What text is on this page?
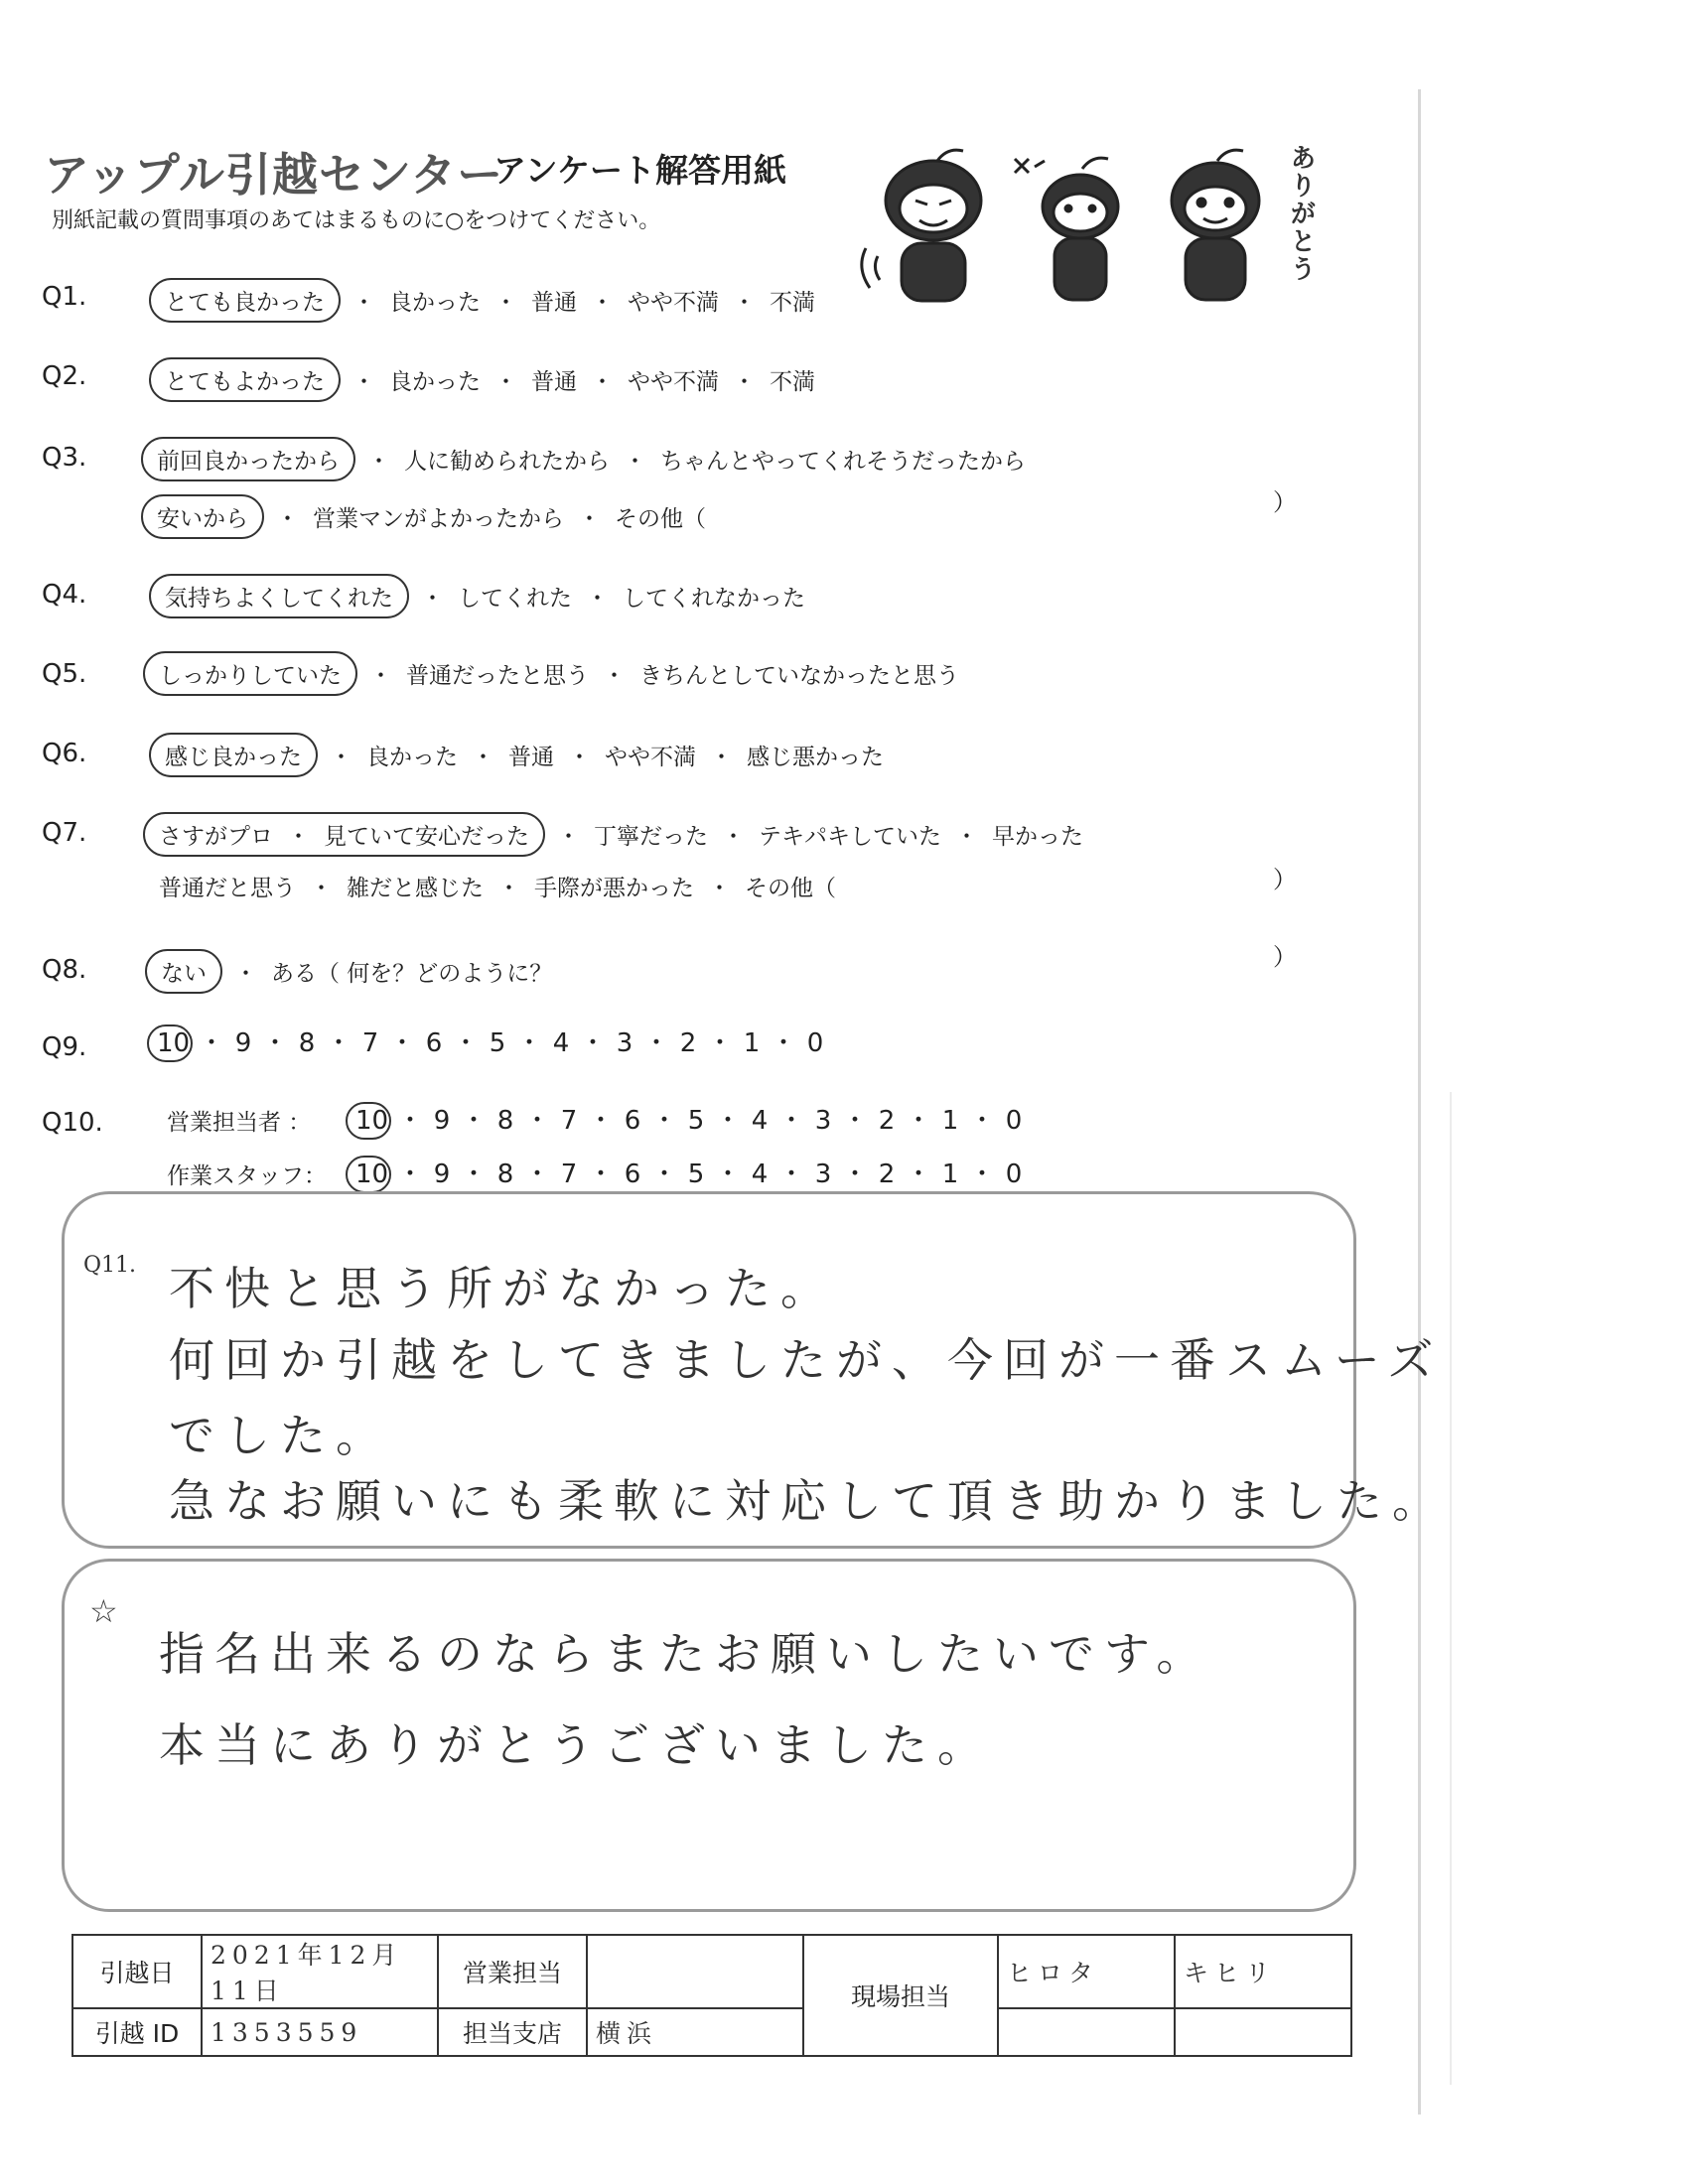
アップル引越センター
アンケート解答用紙
別紙記載の質問事項のあてはまるものに○をつけてください。	ありがとう
Q1.	とても良かった ・ 良かった ・ 普通 ・ やや不満 ・ 不満
Q2.	とてもよかった ・ 良かった ・ 普通 ・ やや不満 ・ 不満
Q3.	前回良かったから ・ 人に勧められたから ・ ちゃんとやってくれそうだったから
安いから ・ 営業マンがよかったから ・ その他（
）
Q4.	気持ちよくしてくれた ・ してくれた ・ してくれなかった
Q5.	しっかりしていた ・ 普通だったと思う ・ きちんとしていなかったと思う
Q6.	感じ良かった ・ 良かった ・ 普通 ・ やや不満 ・ 感じ悪かった
Q7.	さすがプロ ・ 見ていて安心だった ・ 丁寧だった ・ テキパキしていた ・ 早かった
普通だと思う ・ 雑だと感じた ・ 手際が悪かった ・ その他（	）
Q8.	ない ・ ある（ 何を？どのように？
）
Q9.	10 ・ 9 ・ 8 ・ 7 ・ 6 ・ 5 ・ 4 ・ 3 ・ 2 ・ 1 ・ 0
Q10.	営業担当者 ：	10 ・ 9 ・ 8 ・ 7 ・ 6 ・ 5 ・ 4 ・ 3 ・ 2 ・ 1 ・ 0
作業スタッフ：	10 ・ 9 ・ 8 ・ 7 ・ 6 ・ 5 ・ 4 ・ 3 ・ 2 ・ 1 ・ 0
Q11. 不快と思う所がなかった。
何回か引越をしてきましたが、今回が一番スムーズ
でした。
急なお願いにも柔軟に対応して頂き助かりました。
☆
指名出来るのならまたお願いしたいです。
本当にありがとうございました。
引越日	2021年12月11日	営業担当		現場担当	ヒロタ	キヒリ
引越 ID	1353559	担当支店	横浜			
